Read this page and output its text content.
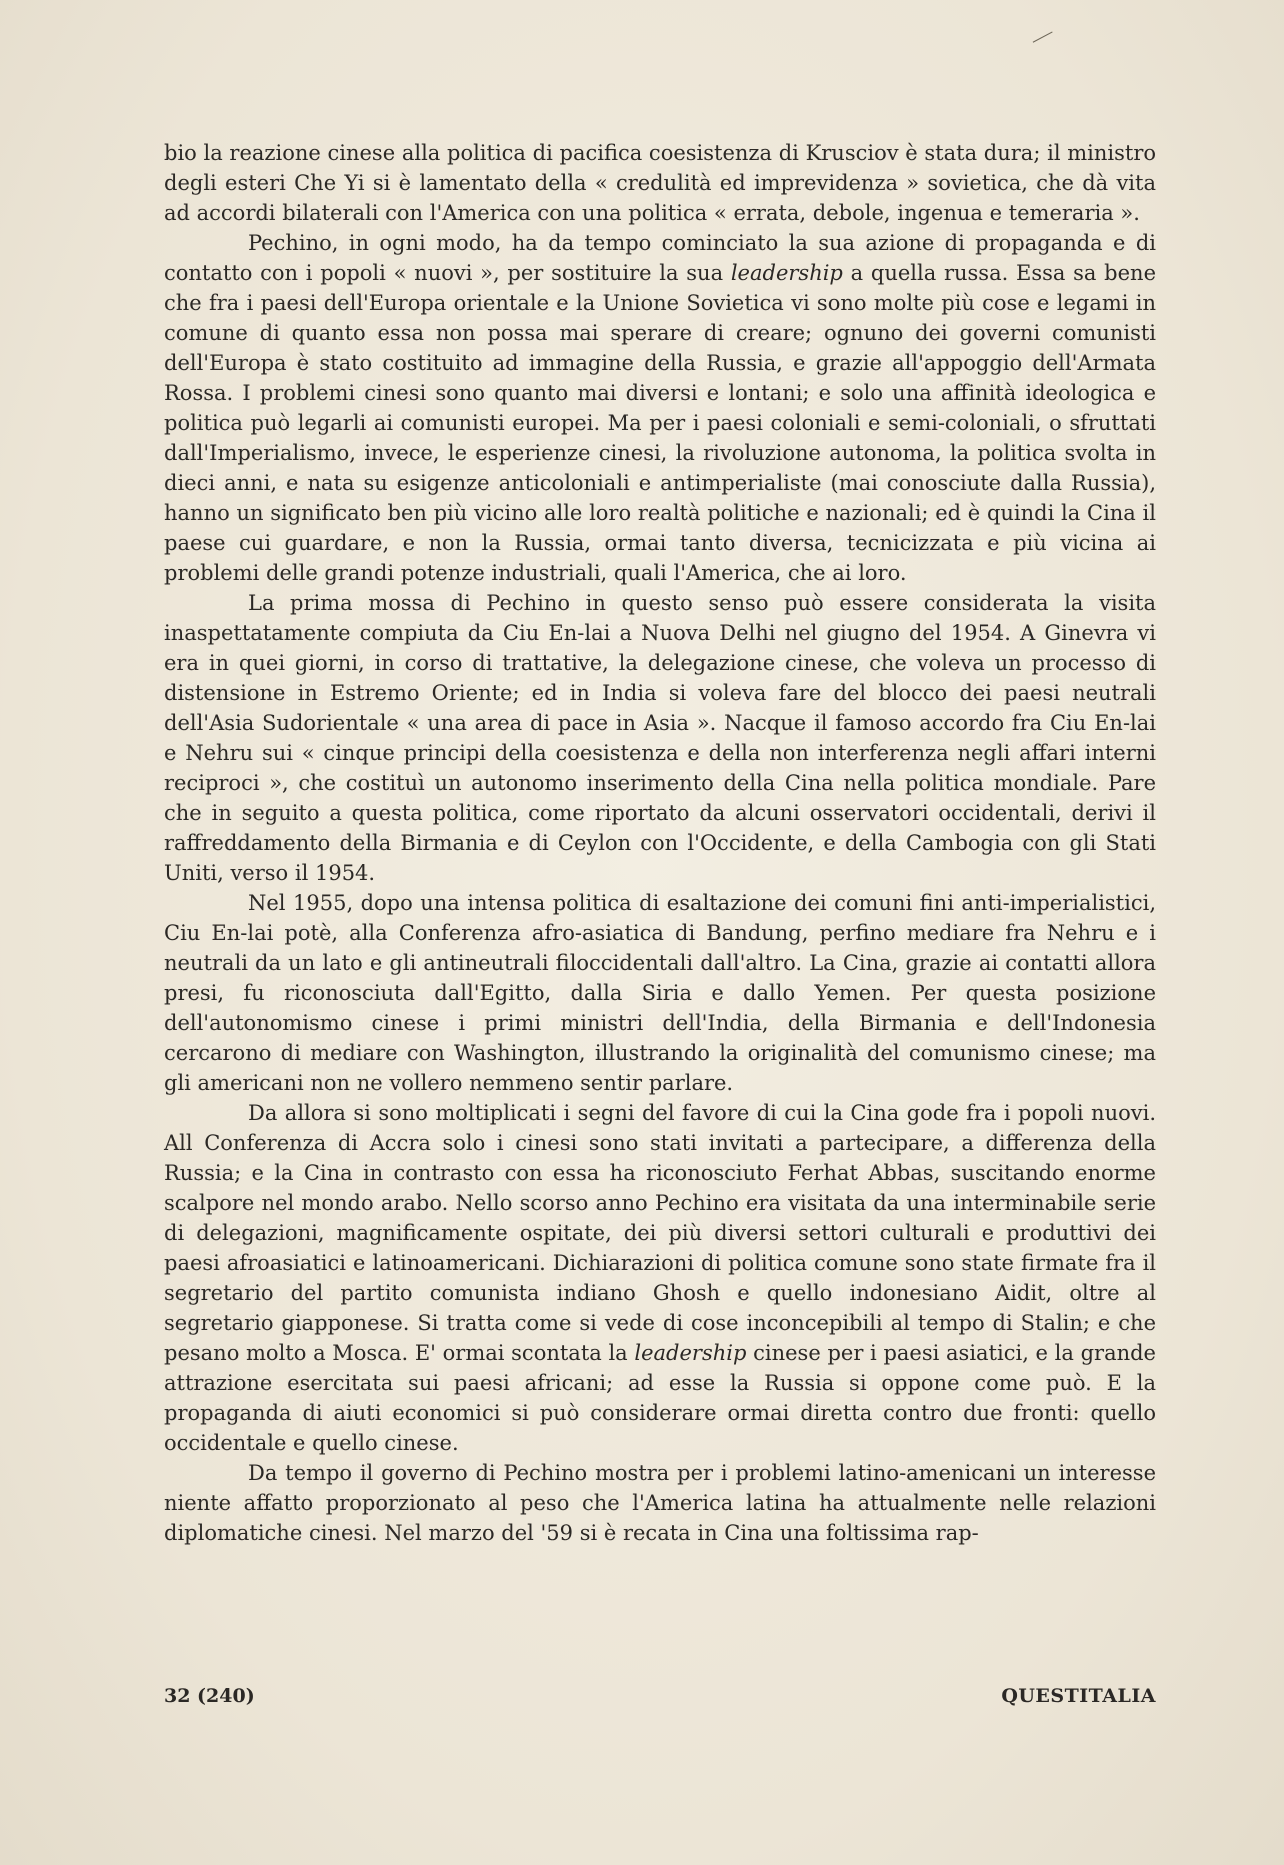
bio la reazione cinese alla politica di pacifica coesistenza di Krusciov è stata dura; il ministro degli esteri Che Yi si è lamentato della « credulità ed imprevidenza » sovietica, che dà vita ad accordi bilaterali con l'America con una politica « errata, debole, ingenua e temeraria ».

Pechino, in ogni modo, ha da tempo cominciato la sua azione di propaganda e di contatto con i popoli « nuovi », per sostituire la sua leadership a quella russa. Essa sa bene che fra i paesi dell'Europa orientale e la Unione Sovietica vi sono molte più cose e legami in comune di quanto essa non possa mai sperare di creare; ognuno dei governi comunisti dell'Europa è stato costituito ad immagine della Russia, e grazie all'appoggio dell'Armata Rossa. I problemi cinesi sono quanto mai diversi e lontani; e solo una affinità ideologica e politica può legarli ai comunisti europei. Ma per i paesi coloniali e semi-coloniali, o sfruttati dall'Imperialismo, invece, le esperienze cinesi, la rivoluzione autonoma, la politica svolta in dieci anni, e nata su esigenze anticoloniali e antimperialiste (mai conosciute dalla Russia), hanno un significato ben più vicino alle loro realtà politiche e nazionali; ed è quindi la Cina il paese cui guardare, e non la Russia, ormai tanto diversa, tecnicizzata e più vicina ai problemi delle grandi potenze industriali, quali l'America, che ai loro.

La prima mossa di Pechino in questo senso può essere considerata la visita inaspettatamente compiuta da Ciu En-lai a Nuova Delhi nel giugno del 1954. A Ginevra vi era in quei giorni, in corso di trattative, la delegazione cinese, che voleva un processo di distensione in Estremo Oriente; ed in India si voleva fare del blocco dei paesi neutrali dell'Asia Sudorientale « una area di pace in Asia ». Nacque il famoso accordo fra Ciu En-lai e Nehru sui « cinque principi della coesistenza e della non interferenza negli affari interni reciproci », che costituì un autonomo inserimento della Cina nella politica mondiale. Pare che in seguito a questa politica, come riportato da alcuni osservatori occidentali, derivi il raffreddamento della Birmania e di Ceylon con l'Occidente, e della Cambogia con gli Stati Uniti, verso il 1954.

Nel 1955, dopo una intensa politica di esaltazione dei comuni fini anti-imperialistici, Ciu En-lai potè, alla Conferenza afro-asiatica di Bandung, perfino mediare fra Nehru e i neutrali da un lato e gli antineutrali filoccidentali dall'altro. La Cina, grazie ai contatti allora presi, fu riconosciuta dall'Egitto, dalla Siria e dallo Yemen. Per questa posizione dell'autonomismo cinese i primi ministri dell'India, della Birmania e dell'Indonesia cercarono di mediare con Washington, illustrando la originalità del comunismo cinese; ma gli americani non ne vollero nemmeno sentir parlare.

Da allora si sono moltiplicati i segni del favore di cui la Cina gode fra i popoli nuovi. All Conferenza di Accra solo i cinesi sono stati invitati a partecipare, a differenza della Russia; e la Cina in contrasto con essa ha riconosciuto Ferhat Abbas, suscitando enorme scalpore nel mondo arabo. Nello scorso anno Pechino era visitata da una interminabile serie di delegazioni, magnificamente ospitate, dei più diversi settori culturali e produttivi dei paesi afroasiatici e latinoamericani. Dichiarazioni di politica comune sono state firmate fra il segretario del partito comunista indiano Ghosh e quello indonesiano Aidit, oltre al segretario giapponese. Si tratta come si vede di cose inconcepibili al tempo di Stalin; e che pesano molto a Mosca. E' ormai scontata la leadership cinese per i paesi asiatici, e la grande attrazione esercitata sui paesi africani; ad esse la Russia si oppone come può. E la propaganda di aiuti economici si può considerare ormai diretta contro due fronti: quello occidentale e quello cinese.

Da tempo il governo di Pechino mostra per i problemi latino-amenicani un interesse niente affatto proporzionato al peso che l'America latina ha attualmente nelle relazioni diplomatiche cinesi. Nel marzo del '59 si è recata in Cina una foltissima rap-

32 (240)	QUESTITALIA
